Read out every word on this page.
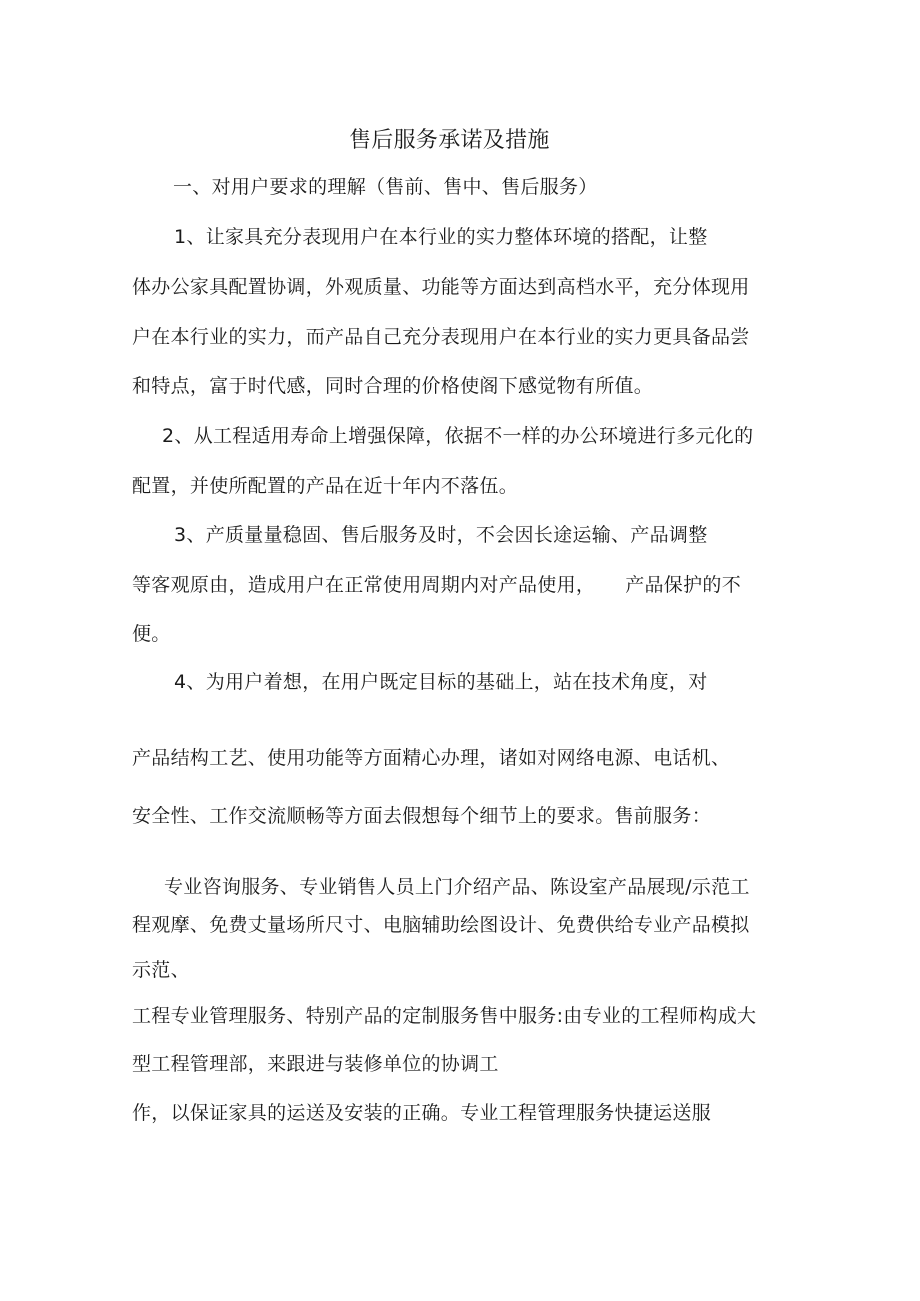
售后服务承诺及措施
一、对用户要求的理解（售前、售中、售后服务）
1、让家具充分表现用户在本行业的实力整体环境的搭配，让整
体办公家具配置协调，外观质量、功能等方面达到高档水平，充分体现用
户在本行业的实力，而产品自己充分表现用户在本行业的实力更具备品尝
和特点，富于时代感，同时合理的价格使阁下感觉物有所值。
2、从工程适用寿命上增强保障，依据不一样的办公环境进行多元化的
配置，并使所配置的产品在近十年内不落伍。
3、产质量量稳固、售后服务及时，不会因长途运输、产品调整
等客观原由，造成用户在正常使用周期内对产品使用， 产品保护的不
便。
4、为用户着想，在用户既定目标的基础上，站在技术角度，对
产品结构工艺、使用功能等方面精心办理，诸如对网络电源、电话机、
安全性、工作交流顺畅等方面去假想每个细节上的要求。售前服务：
专业咨询服务、专业销售人员上门介绍产品、陈设室产品展现/示范工
程观摩、免费丈量场所尺寸、电脑辅助绘图设计、免费供给专业产品模拟
示范、
工程专业管理服务、特别产品的定制服务售中服务:由专业的工程师构成大
型工程管理部，来跟进与装修单位的协调工
作，以保证家具的运送及安装的正确。专业工程管理服务快捷运送服
